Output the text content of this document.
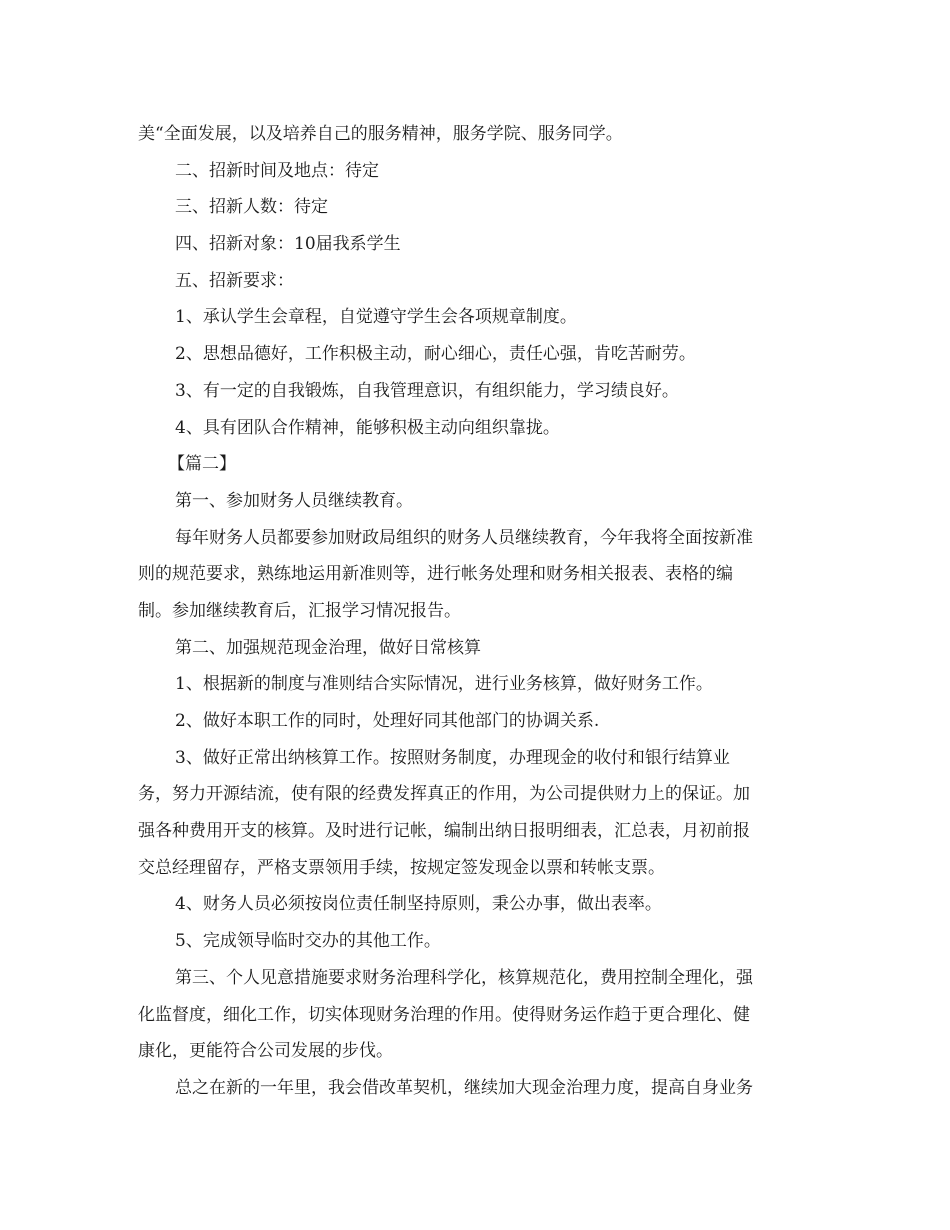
美“全面发展，以及培养自己的服务精神，服务学院、服务同学。
二、招新时间及地点：待定
三、招新人数：待定
四、招新对象：10届我系学生
五、招新要求：
1、承认学生会章程，自觉遵守学生会各项规章制度。
2、思想品德好，工作积极主动，耐心细心，责任心强，肯吃苦耐劳。
3、有一定的自我锻炼，自我管理意识，有组织能力，学习绩良好。
4、具有团队合作精神，能够积极主动向组织靠拢。
【篇二】
第一、参加财务人员继续教育。
每年财务人员都要参加财政局组织的财务人员继续教育，今年我将全面按新准
则的规范要求，熟练地运用新准则等，进行帐务处理和财务相关报表、表格的编
制。参加继续教育后，汇报学习情况报告。
第二、加强规范现金治理，做好日常核算
1、根据新的制度与准则结合实际情况，进行业务核算，做好财务工作。
2、做好本职工作的同时，处理好同其他部门的协调关系.
3、做好正常出纳核算工作。按照财务制度，办理现金的收付和银行结算业
务，努力开源结流，使有限的经费发挥真正的作用，为公司提供财力上的保证。加
强各种费用开支的核算。及时进行记帐，编制出纳日报明细表，汇总表，月初前报
交总经理留存，严格支票领用手续，按规定签发现金以票和转帐支票。
4、财务人员必须按岗位责任制坚持原则，秉公办事，做出表率。
5、完成领导临时交办的其他工作。
第三、个人见意措施要求财务治理科学化，核算规范化，费用控制全理化，强
化监督度，细化工作，切实体现财务治理的作用。使得财务运作趋于更合理化、健
康化，更能符合公司发展的步伐。
总之在新的一年里，我会借改革契机，继续加大现金治理力度，提高自身业务
